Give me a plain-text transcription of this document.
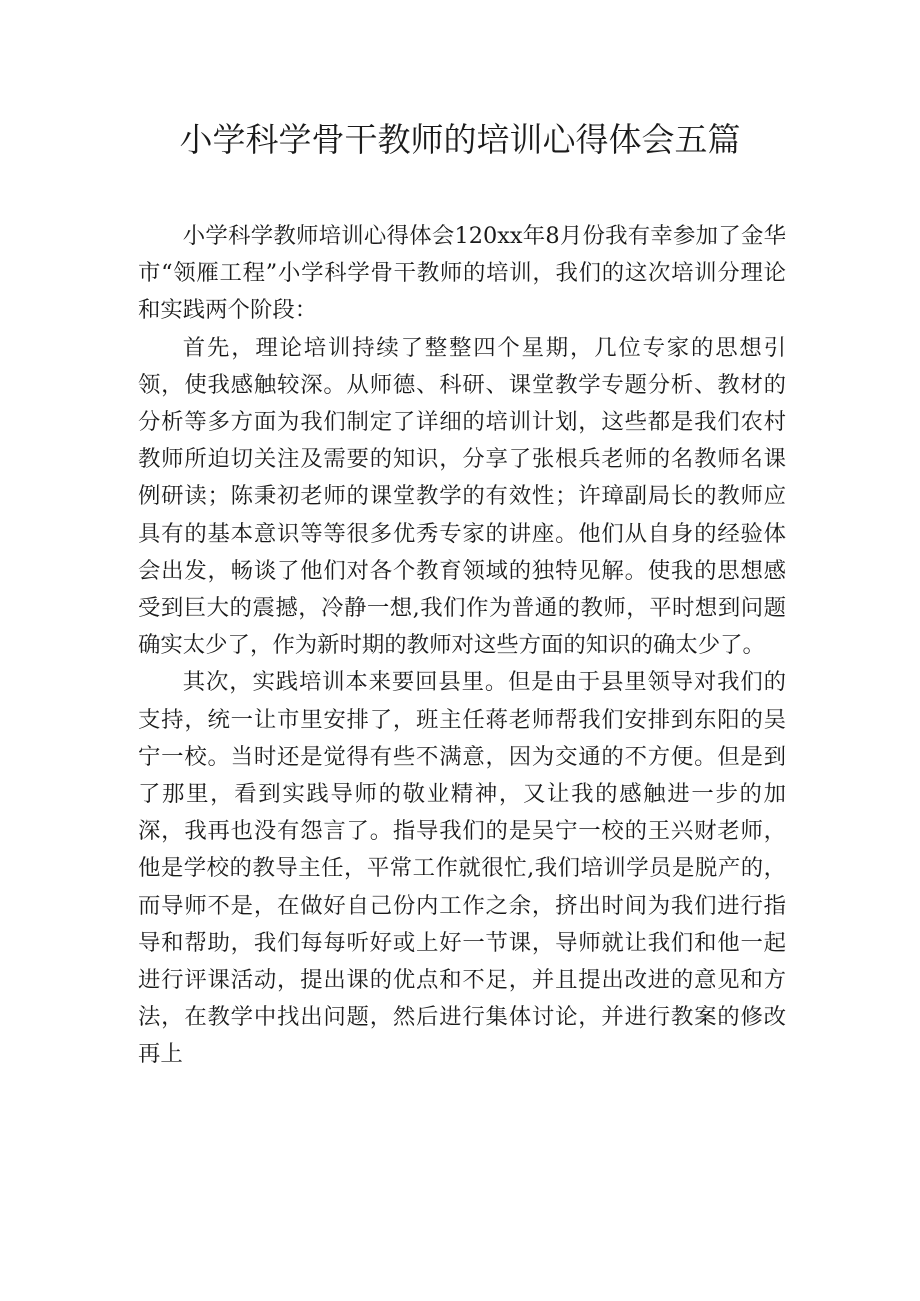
小学科学骨干教师的培训心得体会五篇

小学科学教师培训心得体会120xx年8月份我有幸参加了金华市“领雁工程”小学科学骨干教师的培训，我们的这次培训分理论和实践两个阶段：

首先，理论培训持续了整整四个星期，几位专家的思想引领，使我感触较深。从师德、科研、课堂教学专题分析、教材的分析等多方面为我们制定了详细的培训计划，这些都是我们农村教师所迫切关注及需要的知识，分享了张根兵老师的名教师名课例研读；陈秉初老师的课堂教学的有效性；许璋副局长的教师应具有的基本意识等等很多优秀专家的讲座。他们从自身的经验体会出发，畅谈了他们对各个教育领域的独特见解。使我的思想感受到巨大的震撼，冷静一想,我们作为普通的教师，平时想到问题确实太少了，作为新时期的教师对这些方面的知识的确太少了。

其次，实践培训本来要回县里。但是由于县里领导对我们的支持，统一让市里安排了，班主任蒋老师帮我们安排到东阳的吴宁一校。当时还是觉得有些不满意，因为交通的不方便。但是到了那里，看到实践导师的敬业精神，又让我的感触进一步的加深，我再也没有怨言了。指导我们的是吴宁一校的王兴财老师，他是学校的教导主任，平常工作就很忙,我们培训学员是脱产的，而导师不是，在做好自己份内工作之余，挤出时间为我们进行指导和帮助，我们每每听好或上好一节课，导师就让我们和他一起进行评课活动，提出课的优点和不足，并且提出改进的意见和方法，在教学中找出问题，然后进行集体讨论，并进行教案的修改再上
